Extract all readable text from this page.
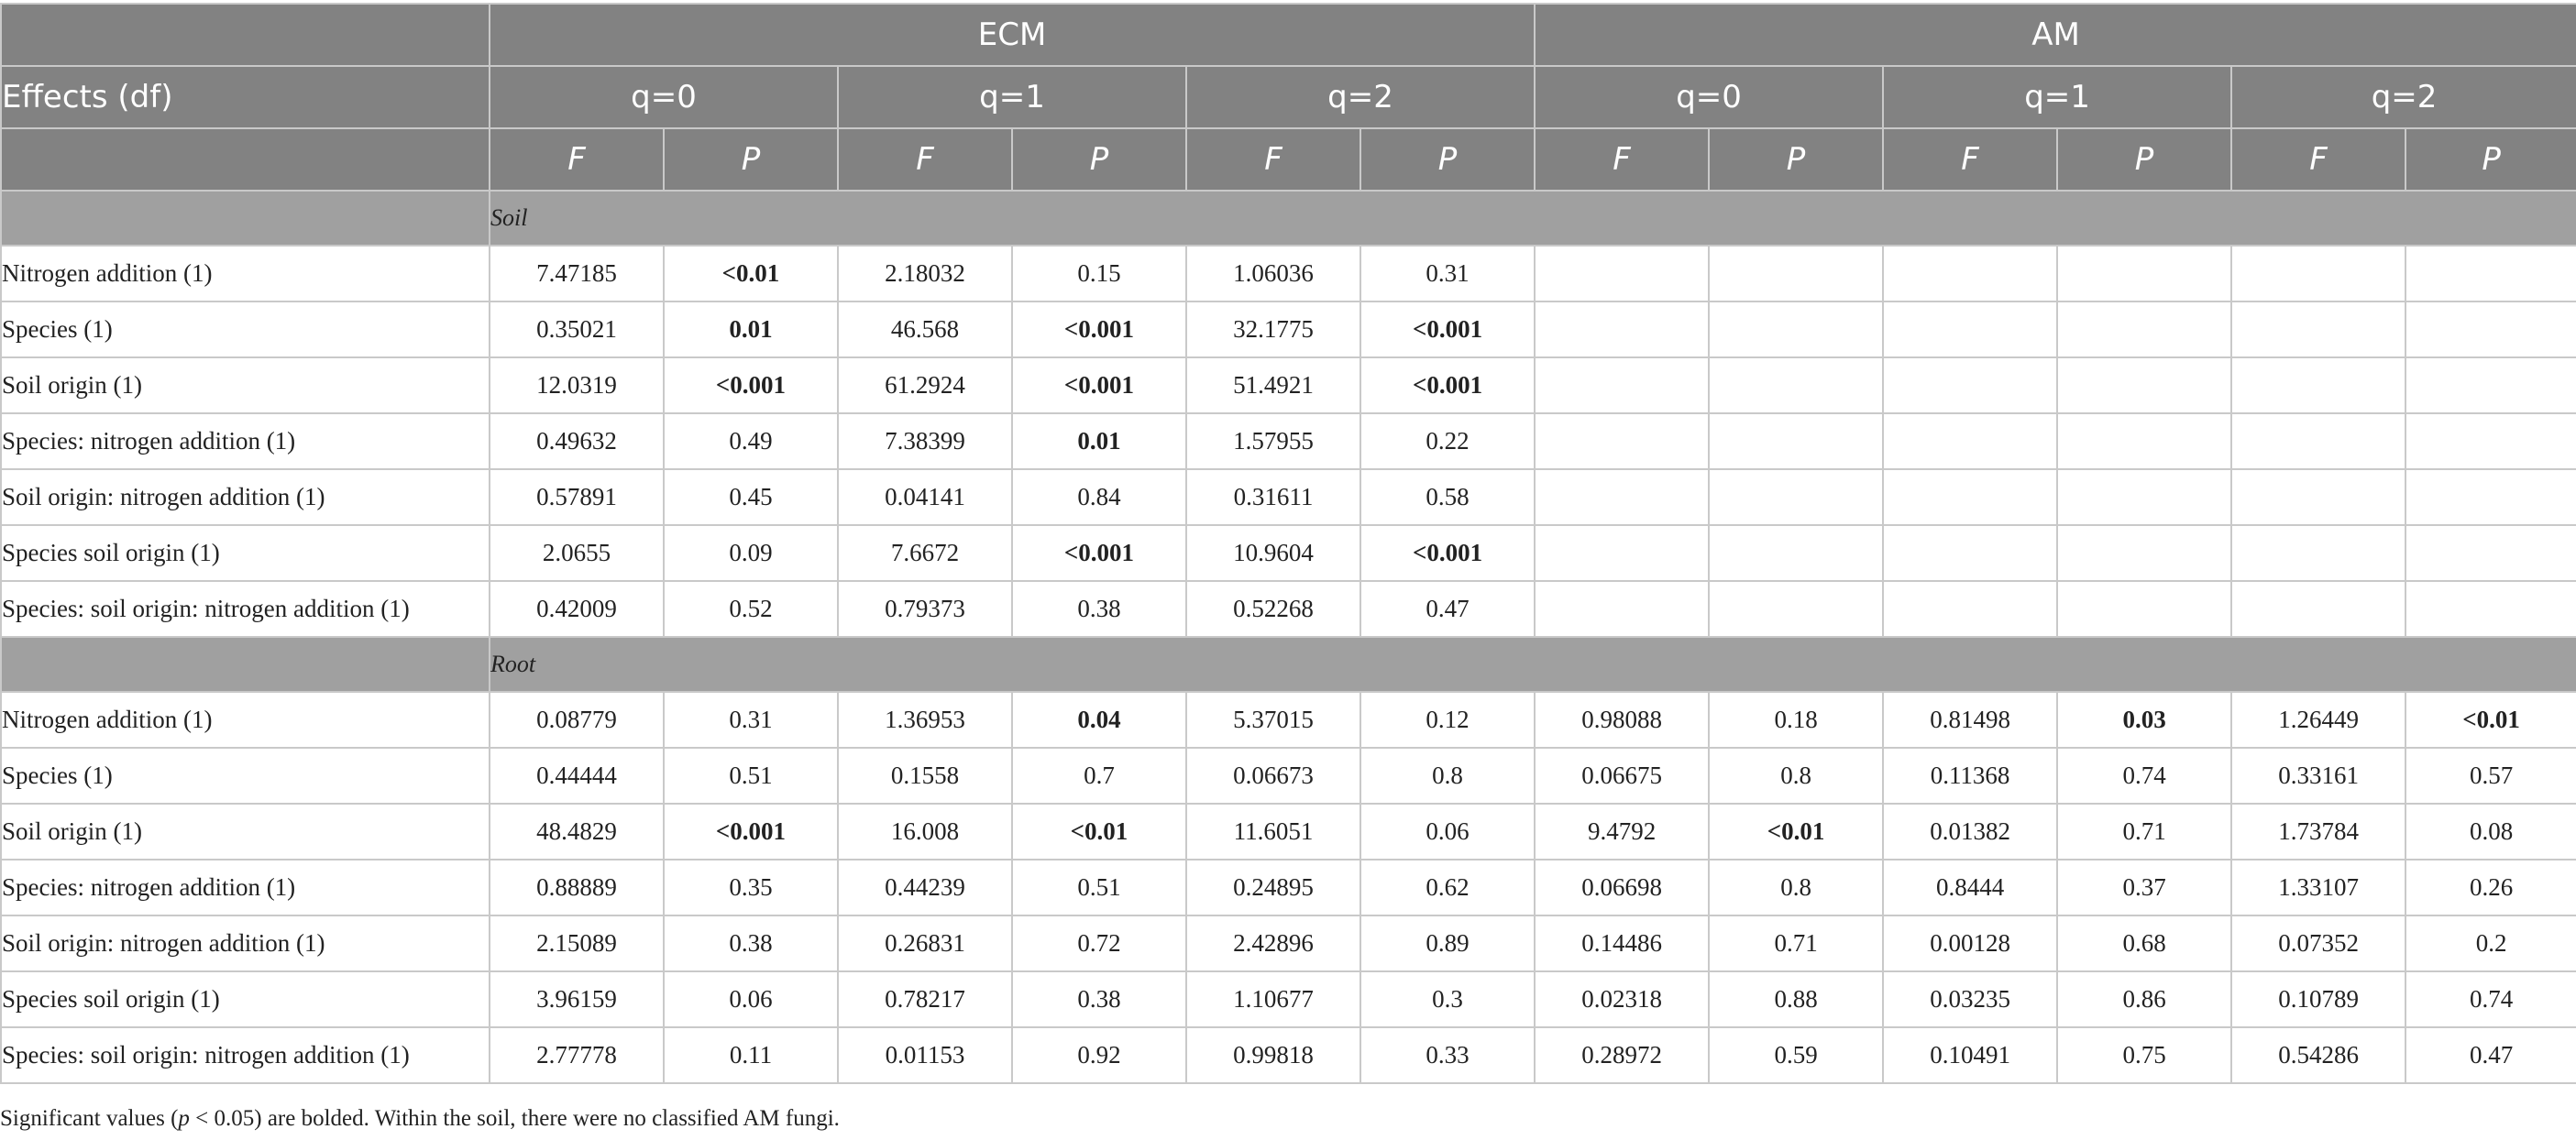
	ECM						AM					
Effects (df)	q=0		q=1		q=2		q=0		q=1		q=2	
	F	P	F	P	F	P	F	P	F	P	F	P
	Soil											
Nitrogen addition (1)	7.47185	<0.01	2.18032	0.15	1.06036	0.31						
Species (1)	0.35021	0.01	46.568	<0.001	32.1775	<0.001						
Soil origin (1)	12.0319	<0.001	61.2924	<0.001	51.4921	<0.001						
Species: nitrogen addition (1)	0.49632	0.49	7.38399	0.01	1.57955	0.22						
Soil origin: nitrogen addition (1)	0.57891	0.45	0.04141	0.84	0.31611	0.58						
Species soil origin (1)	2.0655	0.09	7.6672	<0.001	10.9604	<0.001						
Species: soil origin: nitrogen addition (1)	0.42009	0.52	0.79373	0.38	0.52268	0.47						
	Root											
Nitrogen addition (1)	0.08779	0.31	1.36953	0.04	5.37015	0.12	0.98088	0.18	0.81498	0.03	1.26449	<0.01
Species (1)	0.44444	0.51	0.1558	0.7	0.06673	0.8	0.06675	0.8	0.11368	0.74	0.33161	0.57
Soil origin (1)	48.4829	<0.001	16.008	<0.01	11.6051	0.06	9.4792	<0.01	0.01382	0.71	1.73784	0.08
Species: nitrogen addition (1)	0.88889	0.35	0.44239	0.51	0.24895	0.62	0.06698	0.8	0.8444	0.37	1.33107	0.26
Soil origin: nitrogen addition (1)	2.15089	0.38	0.26831	0.72	2.42896	0.89	0.14486	0.71	0.00128	0.68	0.07352	0.2
Species soil origin (1)	3.96159	0.06	0.78217	0.38	1.10677	0.3	0.02318	0.88	0.03235	0.86	0.10789	0.74
Species: soil origin: nitrogen addition (1)	2.77778	0.11	0.01153	0.92	0.99818	0.33	0.28972	0.59	0.10491	0.75	0.54286	0.47
Significant values (p < 0.05) are bolded. Within the soil, there were no classified AM fungi.
